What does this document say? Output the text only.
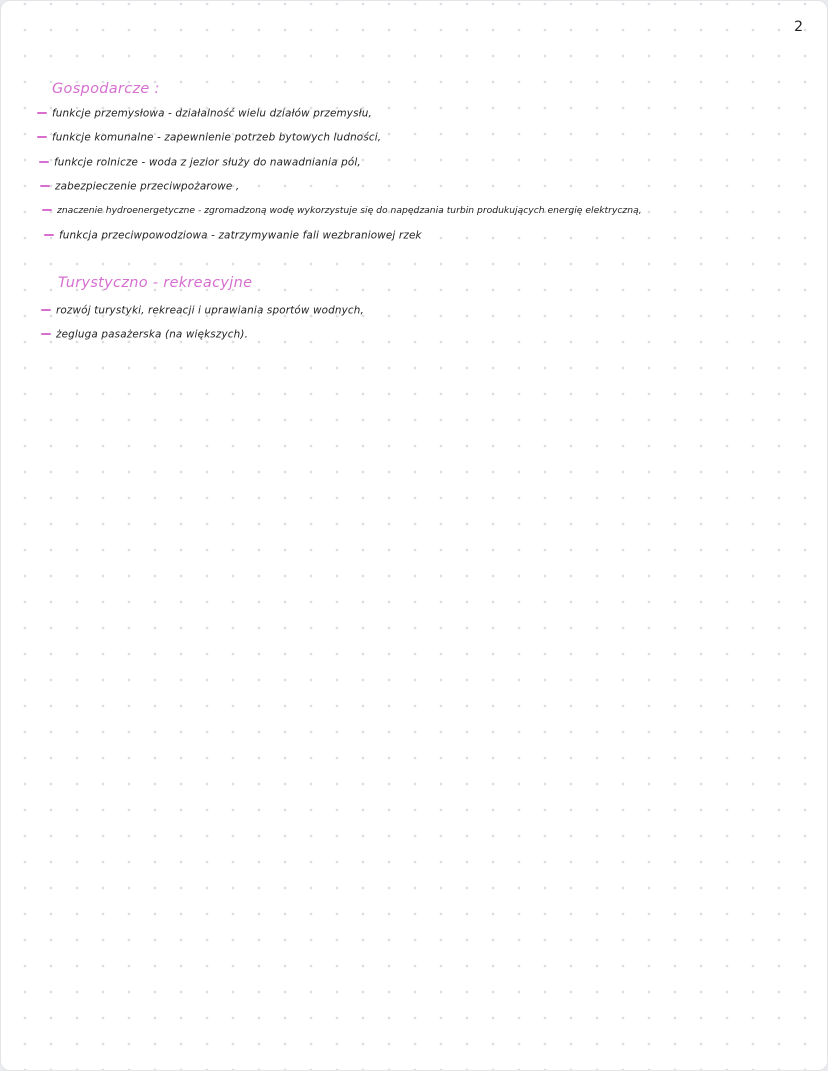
2
Gospodarcze :
funkcje przemysłowa - działalność wielu działów przemysłu,
funkcje komunalne - zapewnienie potrzeb bytowych ludności,
funkcje rolnicze - woda z jezior służy do nawadniania pól,
zabezpieczenie przeciwpożarowe ,
znaczenie hydroenergetyczne - zgromadzoną wodę wykorzystuje się do napędzania turbin produkujących energię elektryczną,
funkcja przeciwpowodziowa - zatrzymywanie fali wezbraniowej rzek
Turystyczno - rekreacyjne
rozwój turystyki, rekreacji i uprawiania sportów wodnych,
żegluga pasażerska (na większych).
